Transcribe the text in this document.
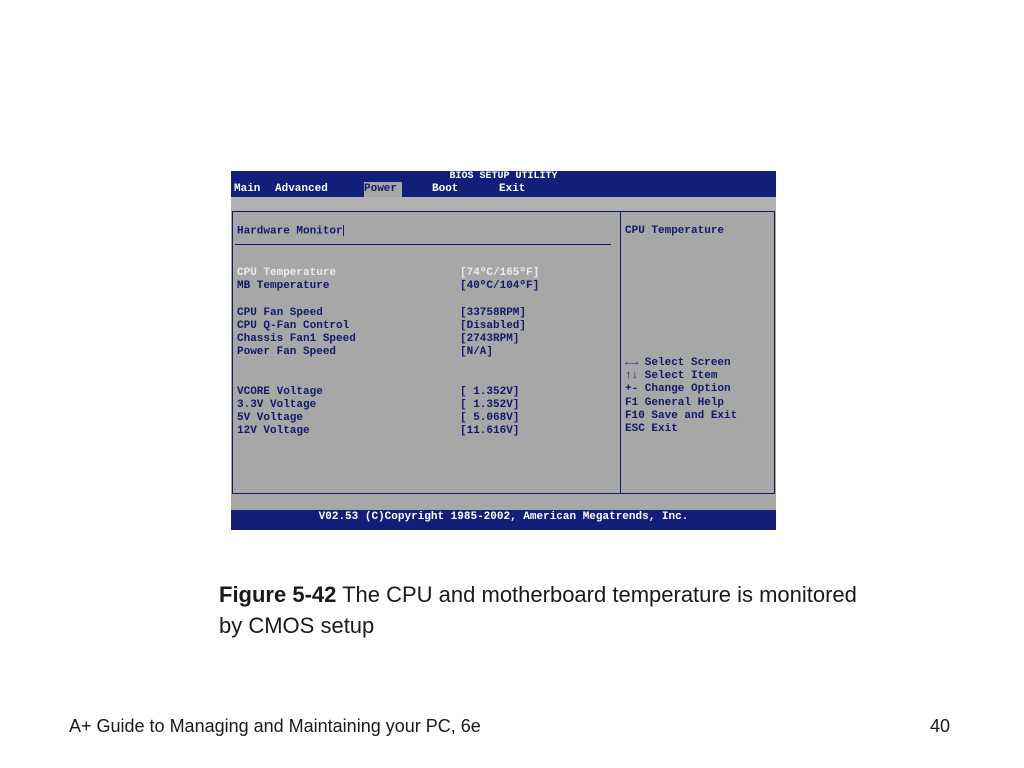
BIOS SETUP UTILITY
Main Advanced	Power	Boot	Exit
Hardware Monitor
CPU Temperature	[74ºC/165ºF]
MB Temperature	[40ºC/104ºF]
CPU Fan Speed	[33758RPM]
CPU Q-Fan Control	[Disabled]
Chassis Fan1 Speed	[2743RPM]
Power Fan Speed	[N/A]
VCORE Voltage	[ 1.352V]
3.3V Voltage	[ 1.352V]
5V Voltage	[ 5.068V]
12V Voltage	[11.616V]
CPU Temperature
←→ Select Screen
↑↓ Select Item
+- Change Option
F1 General Help
F10 Save and Exit
ESC Exit
V02.53 (C)Copyright 1985-2002, American Megatrends, Inc.
Figure 5-42 The CPU and motherboard temperature is monitored by CMOS setup
A+ Guide to Managing and Maintaining your PC, 6e	40
